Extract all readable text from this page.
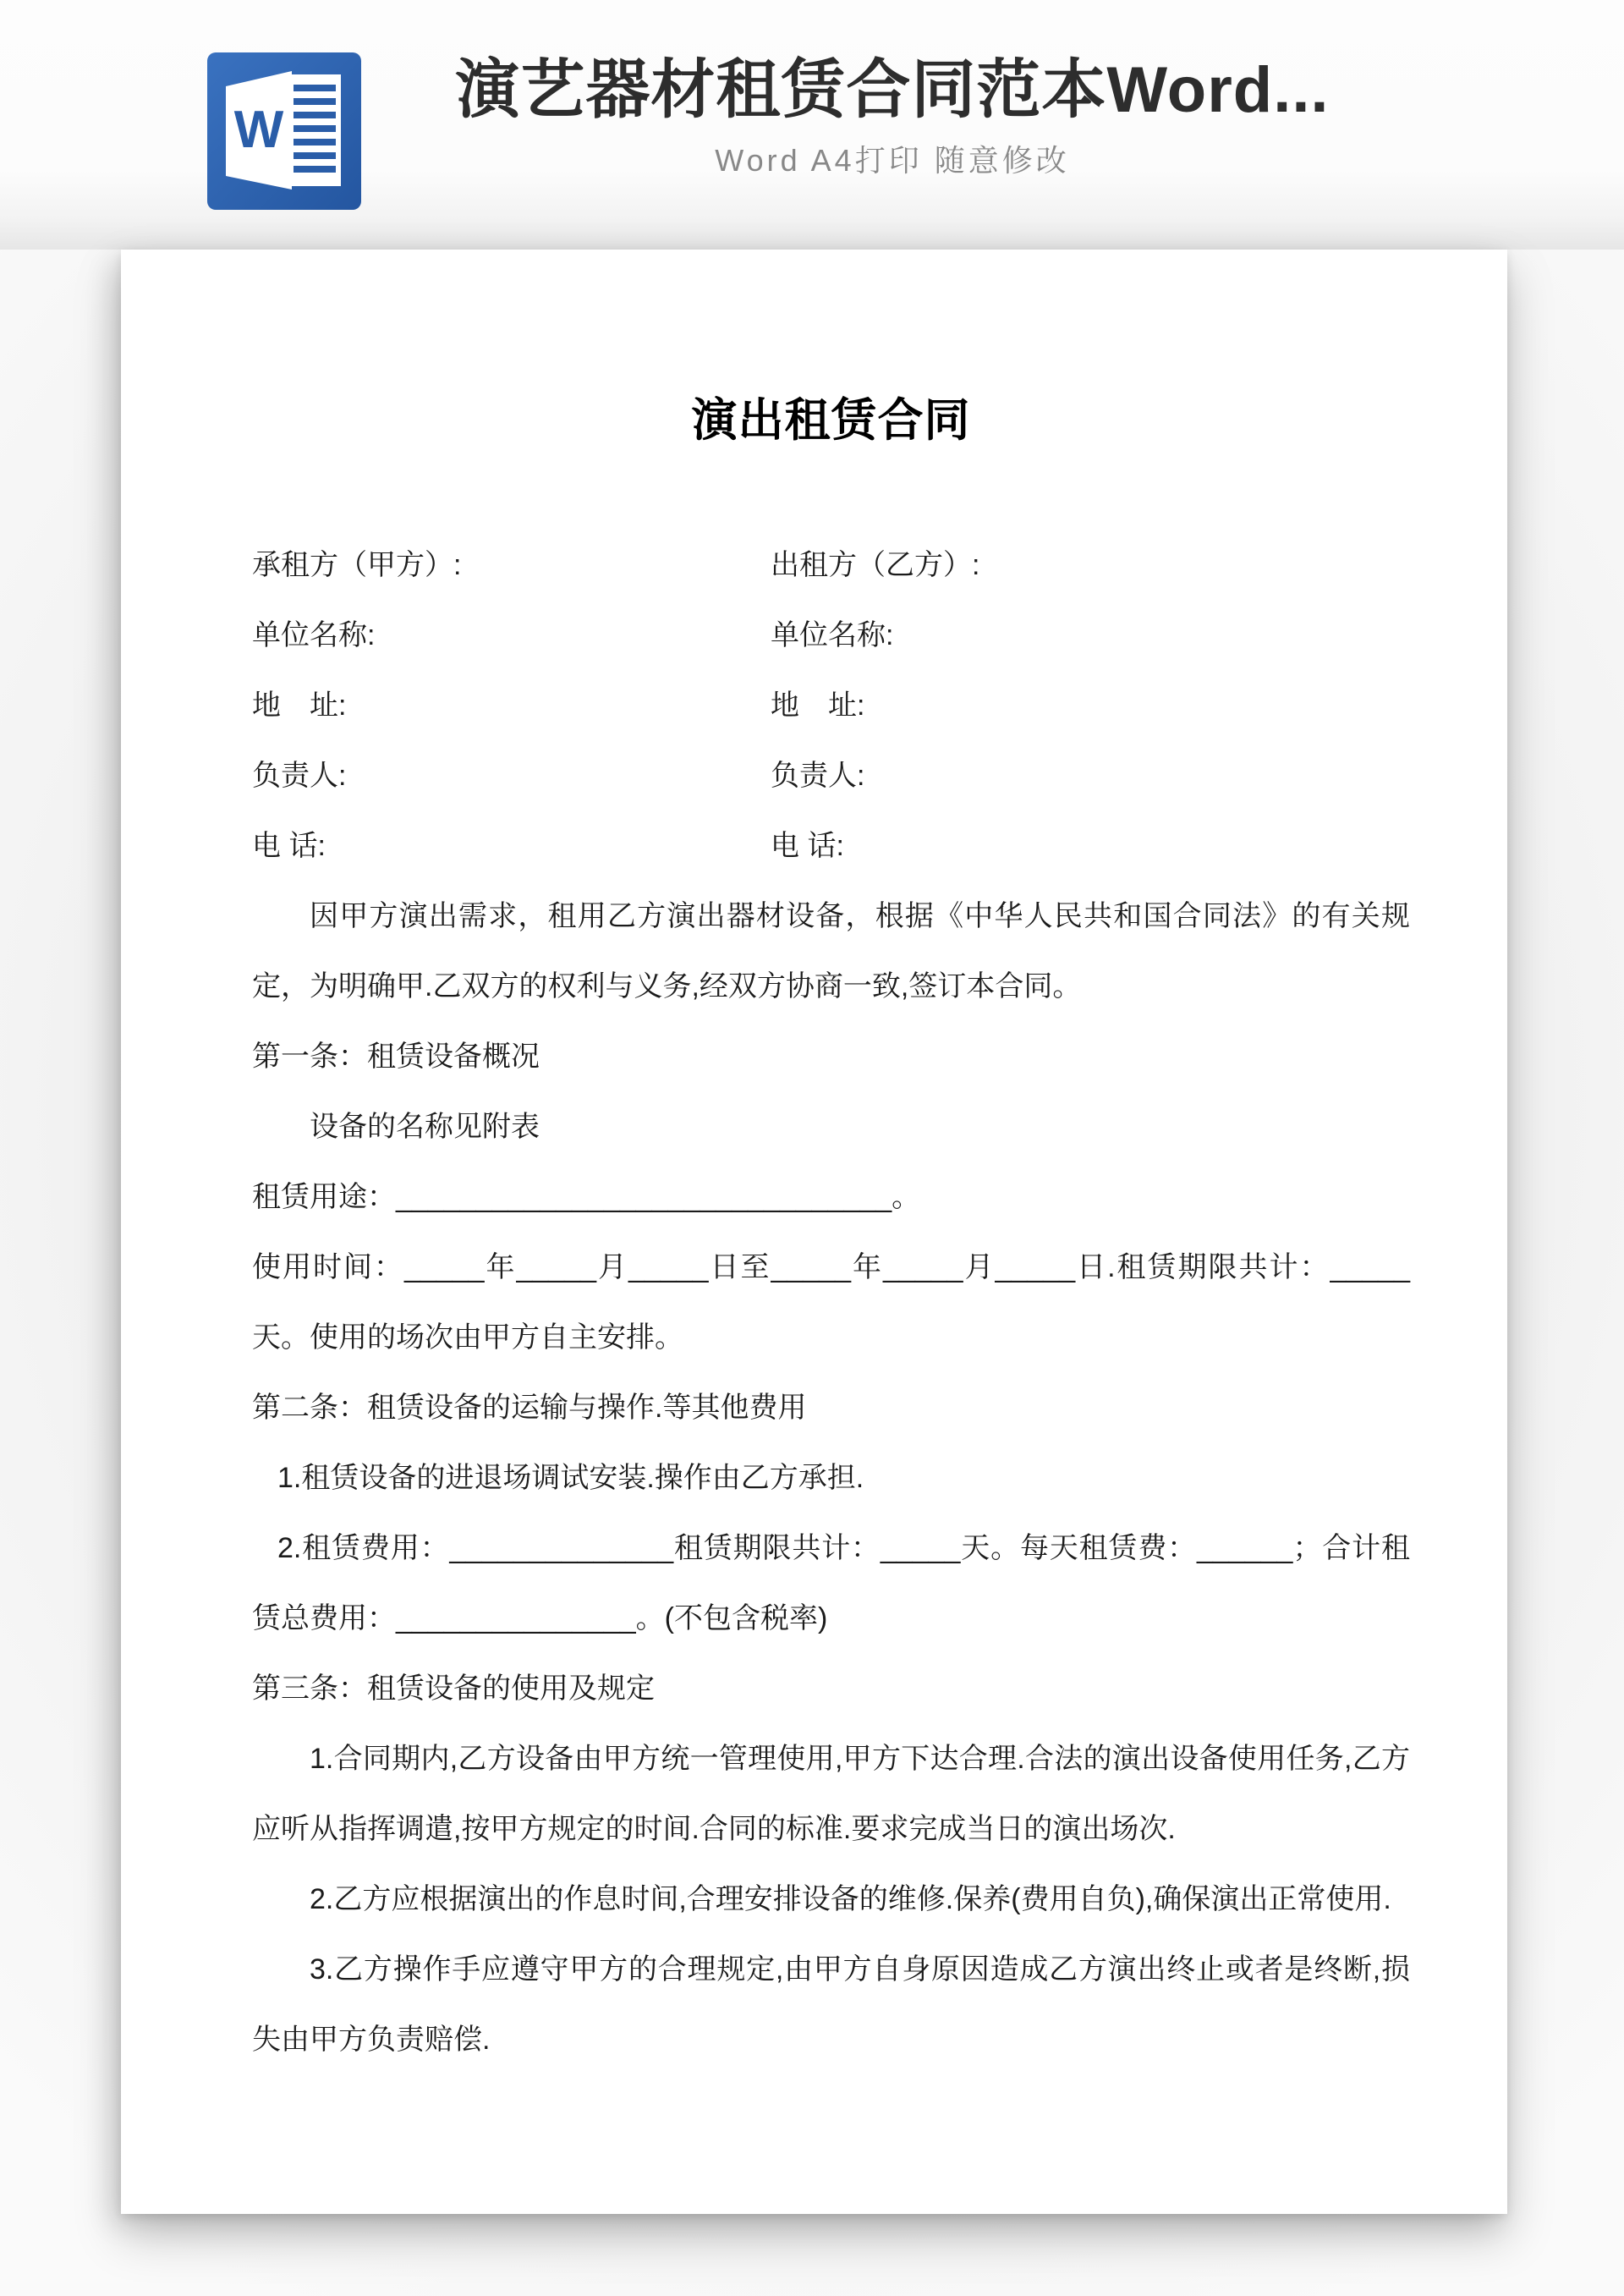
W
演艺器材租赁合同范本Word...
Word A4打印 随意修改
演出租赁合同
承租方（甲方）:	出租方（乙方）:
单位名称:	单位名称:
地　址:	地　址:
负责人:	负责人:
电 话:	电 话:

因甲方演出需求，租用乙方演出器材设备，根据《中华人民共和国合同法》的有关规定，为明确甲.乙双方的权利与义务,经双方协商一致,签订本合同。

第一条：租赁设备概况

设备的名称见附表

租赁用途：_______________________________。

使用时间：_____年_____月_____日至_____年_____月_____日.租赁期限共计：_____天。使用的场次由甲方自主安排。

第二条：租赁设备的运输与操作.等其他费用

1.租赁设备的进退场调试安装.操作由乙方承担.

2.租赁费用：______________租赁期限共计：_____天。每天租赁费：______；合计租赁总费用：_______________。(不包含税率)

第三条：租赁设备的使用及规定

1.合同期内,乙方设备由甲方统一管理使用,甲方下达合理.合法的演出设备使用任务,乙方应听从指挥调遣,按甲方规定的时间.合同的标准.要求完成当日的演出场次.

2.乙方应根据演出的作息时间,合理安排设备的维修.保养(费用自负),确保演出正常使用.

3.乙方操作手应遵守甲方的合理规定,由甲方自身原因造成乙方演出终止或者是终断,损失由甲方负责赔偿.
